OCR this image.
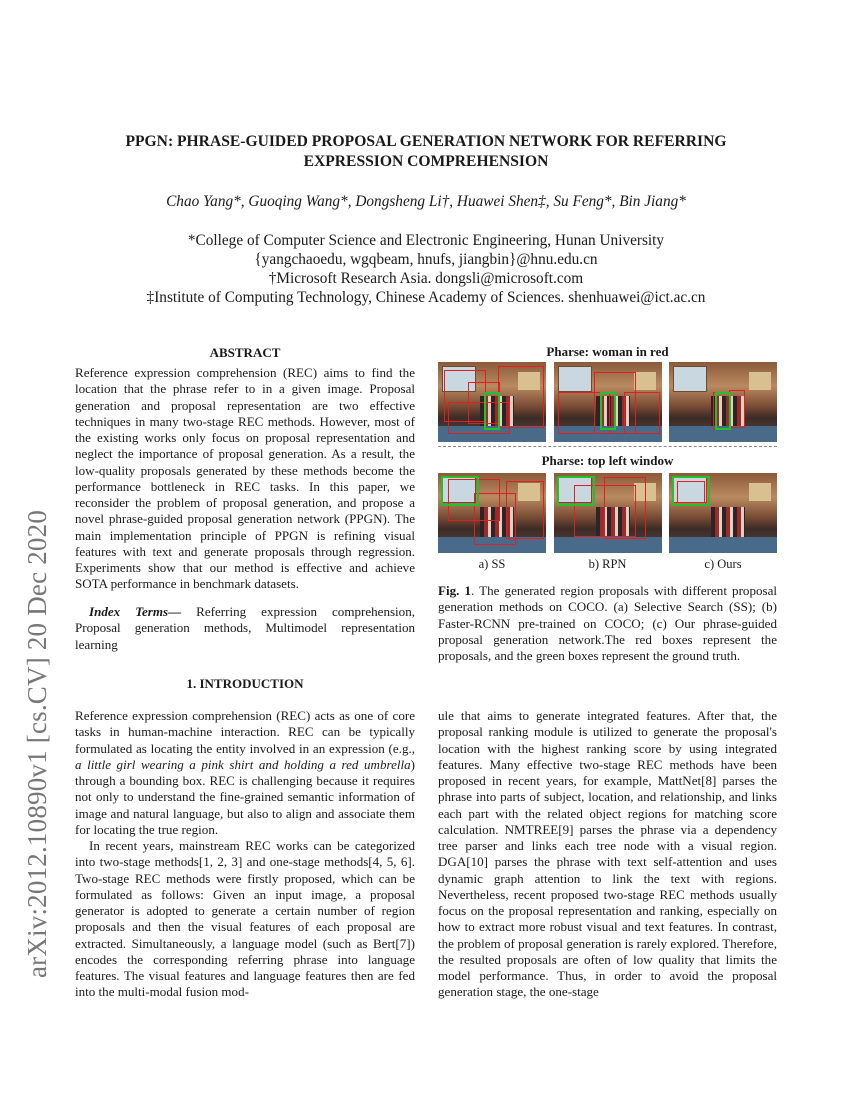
arXiv:2012.10890v1 [cs.CV] 20 Dec 2020
PPGN: PHRASE-GUIDED PROPOSAL GENERATION NETWORK FOR REFERRING
EXPRESSION COMPREHENSION
Chao Yang*, Guoqing Wang*, Dongsheng Li†, Huawei Shen‡, Su Feng*, Bin Jiang*
*College of Computer Science and Electronic Engineering, Hunan University
{yangchaoedu, wgqbeam, hnufs, jiangbin}@hnu.edu.cn
†Microsoft Research Asia. dongsli@microsoft.com
‡Institute of Computing Technology, Chinese Academy of Sciences. shenhuawei@ict.ac.cn
ABSTRACT

Reference expression comprehension (REC) aims to find the location that the phrase refer to in a given image. Proposal generation and proposal representation are two effective techniques in many two-stage REC methods. However, most of the existing works only focus on proposal representation and neglect the importance of proposal generation. As a result, the low-quality proposals generated by these methods become the performance bottleneck in REC tasks. In this paper, we reconsider the problem of proposal generation, and propose a novel phrase-guided proposal generation network (PPGN). The main implementation principle of PPGN is refining visual features with text and generate proposals through regression. Experiments show that our method is effective and achieve SOTA performance in benchmark datasets.

Index Terms— Referring expression comprehension, Proposal generation methods, Multimodel representation learning

1. INTRODUCTION

Reference expression comprehension (REC) acts as one of core tasks in human-machine interaction. REC can be typically formulated as locating the entity involved in an expression (e.g., a little girl wearing a pink shirt and holding a red umbrella) through a bounding box. REC is challenging because it requires not only to understand the fine-grained semantic information of image and natural language, but also to align and associate them for locating the true region.

In recent years, mainstream REC works can be categorized into two-stage methods[1, 2, 3] and one-stage methods[4, 5, 6]. Two-stage REC methods were firstly proposed, which can be formulated as follows: Given an input image, a proposal generator is adopted to generate a certain number of region proposals and then the visual features of each proposal are extracted. Simultaneously, a language model (such as Bert[7]) encodes the corresponding referring phrase into language features. The visual features and language features then are fed into the multi-modal fusion mod-

ule that aims to generate integrated features. After that, the proposal ranking module is utilized to generate the proposal's location with the highest ranking score by using integrated features. Many effective two-stage REC methods have been proposed in recent years, for example, MattNet[8] parses the phrase into parts of subject, location, and relationship, and links each part with the related object regions for matching score calculation. NMTREE[9] parses the phrase via a dependency tree parser and links each tree node with a visual region. DGA[10] parses the phrase with text self-attention and uses dynamic graph attention to link the text with regions. Nevertheless, recent proposed two-stage REC methods usually focus on the proposal representation and ranking, especially on how to extract more robust visual and text features. In contrast, the problem of proposal generation is rarely explored. Therefore, the resulted proposals are often of low quality that limits the model performance. Thus, in order to avoid the proposal generation stage, the one-stage

Pharse: woman in red
Pharse: top left window
a) SS	b) RPN	c) Ours
Fig. 1. The generated region proposals with different proposal generation methods on COCO. (a) Selective Search (SS); (b) Faster-RCNN pre-trained on COCO; (c) Our phrase-guided proposal generation network.The red boxes represent the proposals, and the green boxes represent the ground truth.
